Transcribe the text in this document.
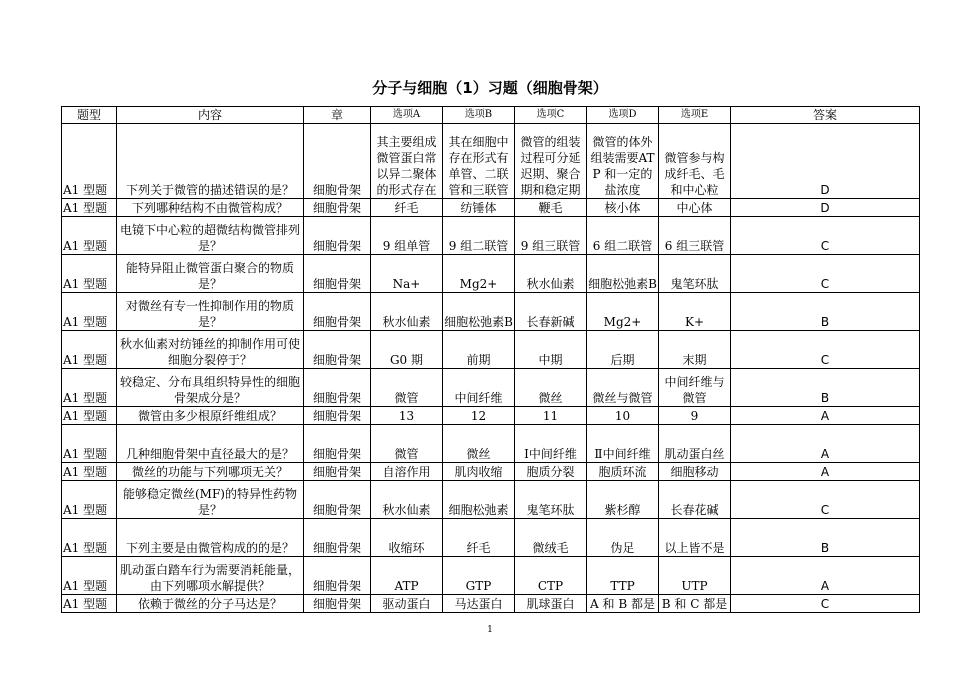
分子与细胞（1）习题（细胞骨架）
题型	内容	章	选项A	选项B	选项C	选项D	选项E	答案
A1 型题	下列关于微管的描述错误的是？	细胞骨架	其主要组成微管蛋白常以异二聚体的形式存在	其在细胞中存在形式有单管、二联管和三联管	微管的组装过程可分延迟期、聚合期和稳定期	微管的体外组装需要ATP 和一定的盐浓度	微管参与构成纤毛、毛和中心粒	D
A1 型题	下列哪种结构不由微管构成？	细胞骨架	纤毛	纺锤体	鞭毛	核小体	中心体	D
A1 型题	电镜下中心粒的超微结构微管排列是？	细胞骨架	9 组单管	9 组二联管	9 组三联管	6 组二联管	6 组三联管	C
A1 型题	能特异阻止微管蛋白聚合的物质是？	细胞骨架	Na+	Mg2+	秋水仙素	细胞松弛素B	鬼笔环肽	C
A1 型题	对微丝有专一性抑制作用的物质是？	细胞骨架	秋水仙素	细胞松弛素B	长春新碱	Mg2+	K+	B
A1 型题	秋水仙素对纺锤丝的抑制作用可使细胞分裂停于？	细胞骨架	G0 期	前期	中期	后期	末期	C
A1 型题	较稳定、分布具组织特异性的细胞骨架成分是？	细胞骨架	微管	中间纤维	微丝	微丝与微管	中间纤维与微管	B
A1 型题	微管由多少根原纤维组成？	细胞骨架	13	12	11	10	9	A
A1 型题	几种细胞骨架中直径最大的是？	细胞骨架	微管	微丝	Ⅰ中间纤维	Ⅱ中间纤维	肌动蛋白丝	A
A1 型题	微丝的功能与下列哪项无关？	细胞骨架	自溶作用	肌肉收缩	胞质分裂	胞质环流	细胞移动	A
A1 型题	能够稳定微丝(MF)的特异性药物是？	细胞骨架	秋水仙素	细胞松弛素	鬼笔环肽	紫杉醇	长春花碱	C
A1 型题	下列主要是由微管构成的的是？	细胞骨架	收缩环	纤毛	微绒毛	伪足	以上皆不是	B
A1 型题	肌动蛋白踏车行为需要消耗能量，由下列哪项水解提供？	细胞骨架	ATP	GTP	CTP	TTP	UTP	A
A1 型题	依赖于微丝的分子马达是？	细胞骨架	驱动蛋白	马达蛋白	肌球蛋白	A 和 B 都是	B 和 C 都是	C
1
